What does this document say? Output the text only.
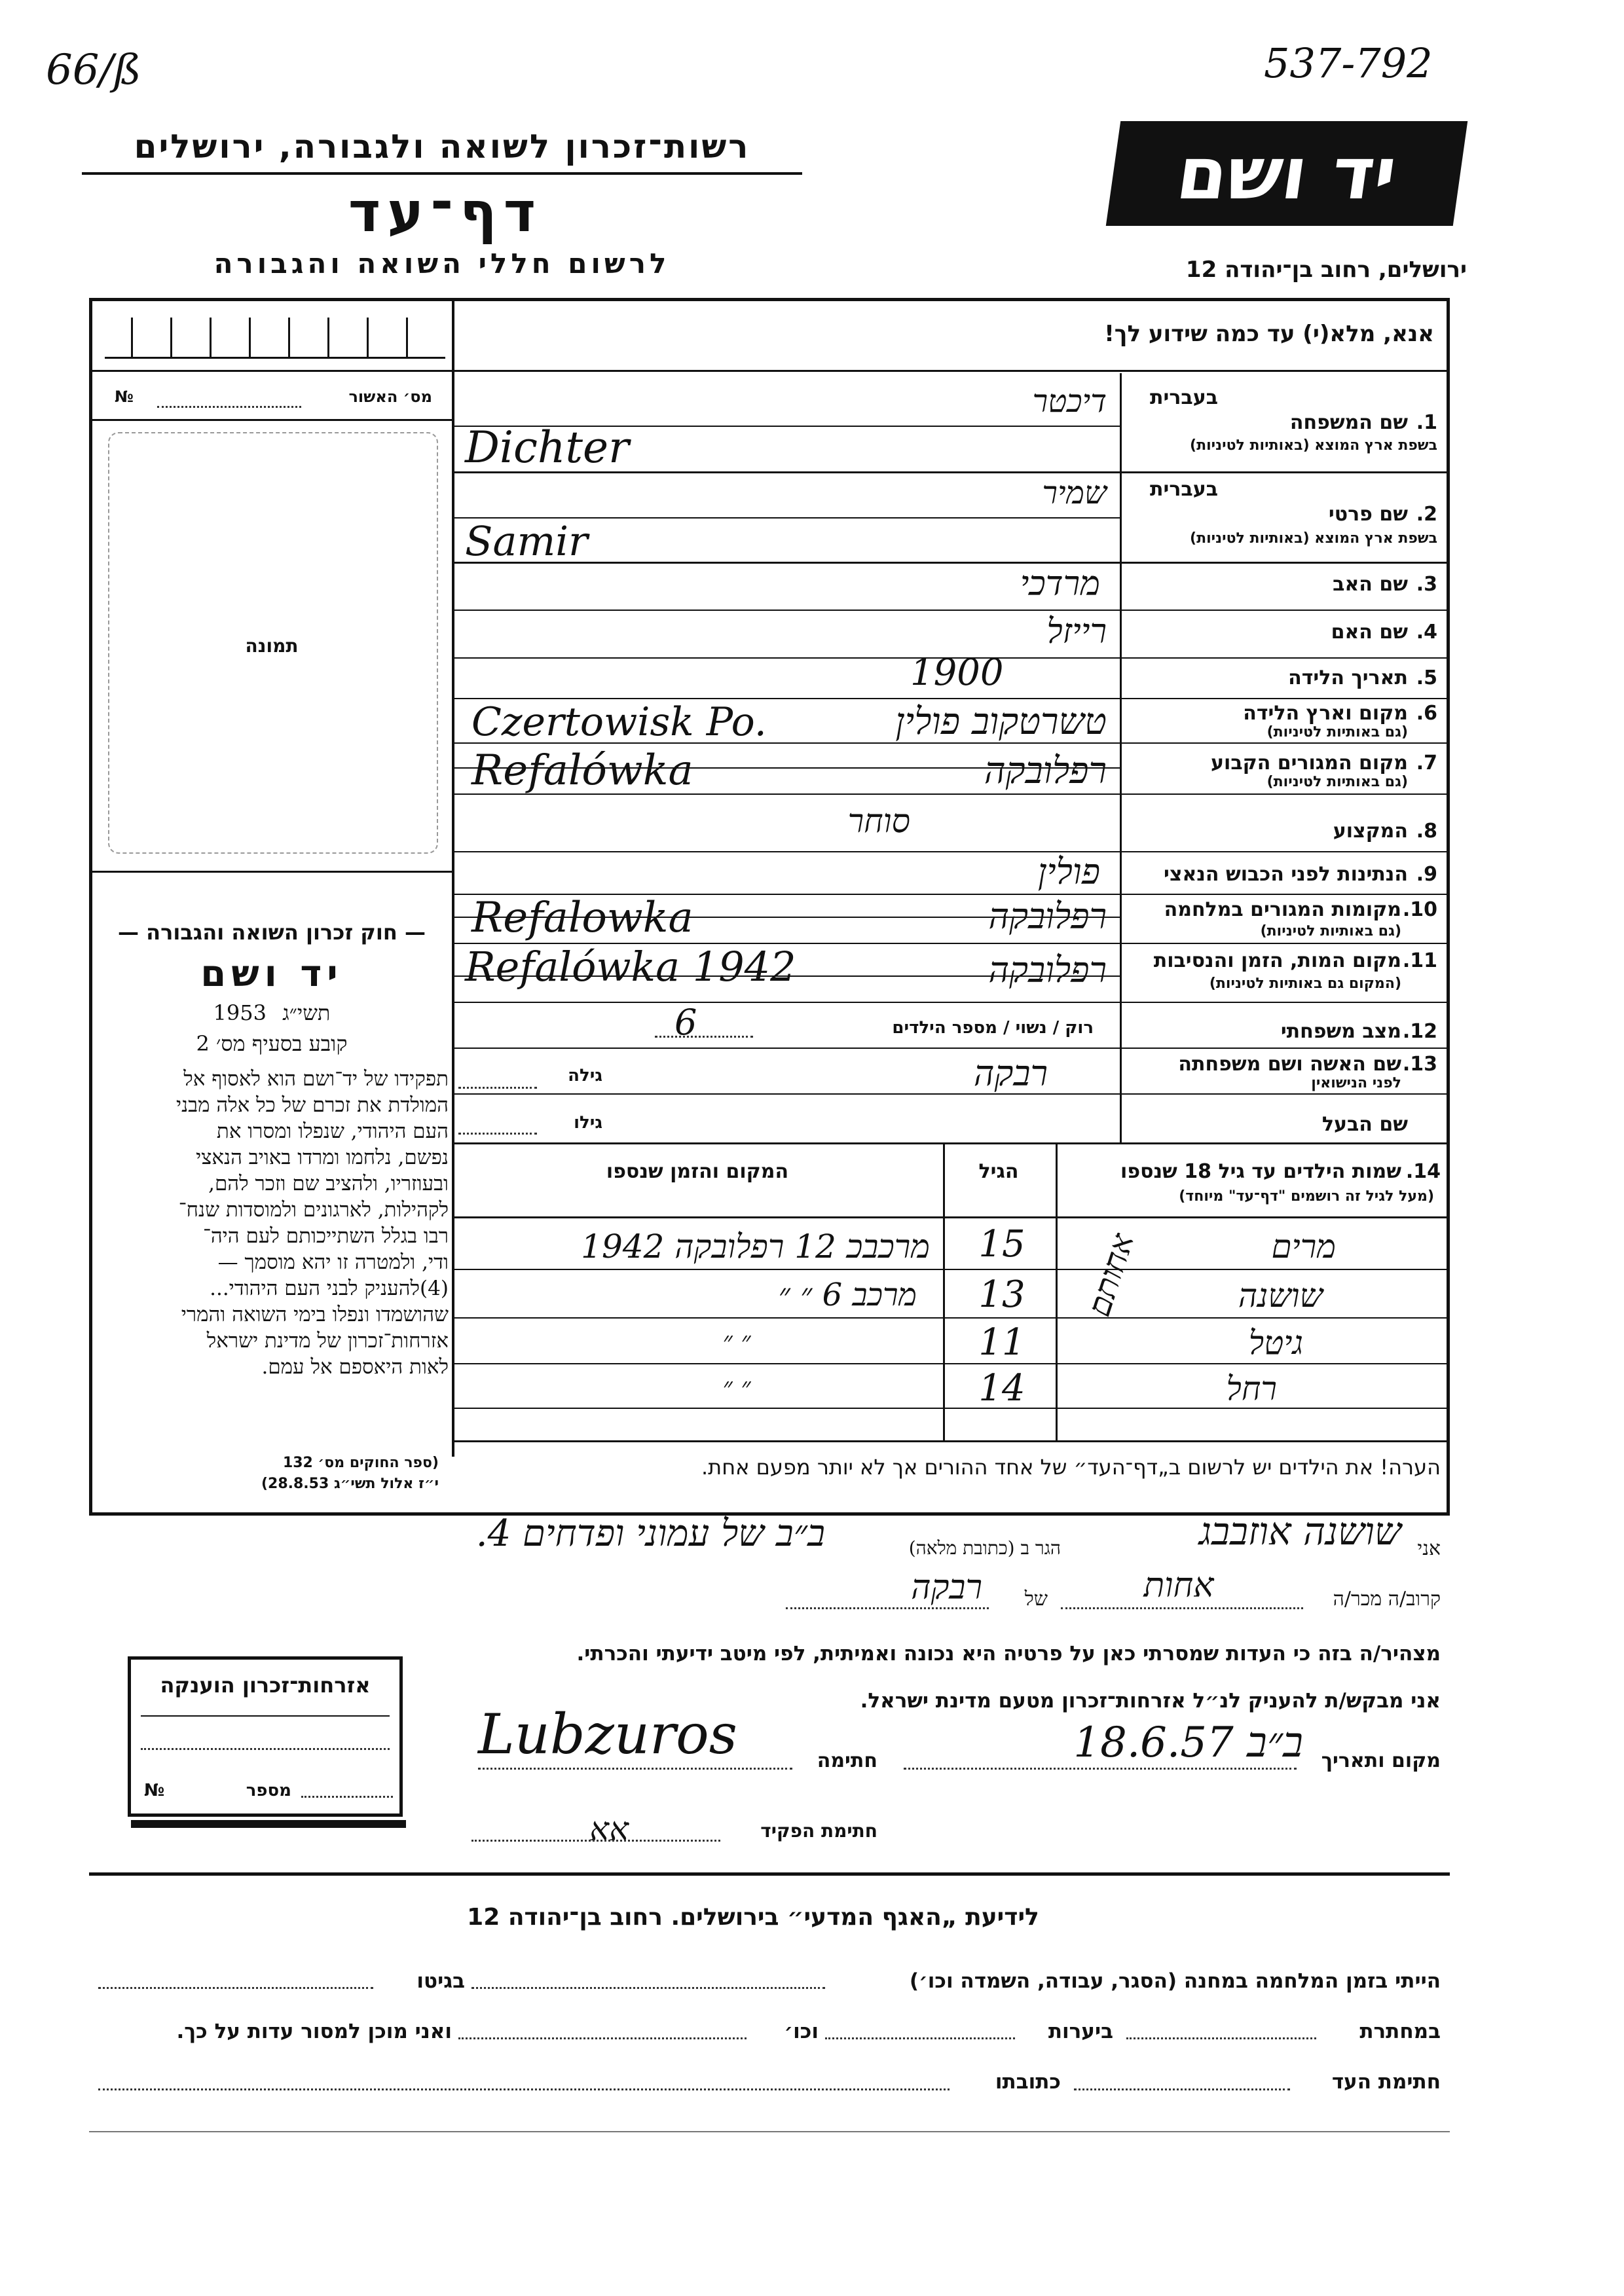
66/ß	537-792
רשות־זכרון לשואה ולגבורה, ירושלים
דף־עד
לרשום חללי השואה והגבורה
יד ושם
ירושלים, רחוב בן־יהודה 12
אנא, מלא(י) עד כמה שידוע לך!
מס׳ האשור
№
תמונה
בעברית
1.
שם המשפחה
בשפת ארץ המוצא (באותיות לטיניות)
דיכטר
Dichter
בעברית
2.
שם פרטי
בשפת ארץ המוצא (באותיות לטיניות)
שמיר
Samir
3.
שם האב
מרדכי
4.
שם האם
רייזל
5.
תאריך הלידה
1900
6.
מקום וארץ הלידה
(גם באותיות לטיניות)
טשרטקוב פולין
Czertowisk Po.
7.
מקום המגורים הקבוע
(גם באותיות לטיניות)
רפלובקה
Refalówka
8.
המקצוע
סוחר
9.
הנתינות לפני הכבוש הנאצי
פולין
10.
מקומות המגורים במלחמה
(גם באותיות לטיניות)
רפלובקה
Refalowka
11.
מקום המות, הזמן והנסיבות
(המקום גם באותיות לטיניות)
רפלובקה
Refalówka 1942
12.
מצב משפחתי
רוק / נשוי / מספר הילדים
6
13.
שם האשה ושם משפחתה
לפני הנישואין
רבקה
גילה
שם הבעל
גילו
14.
שמות הילדים עד גיל 18 שנספו
(מעל לגיל זה רושמים "דף־עד" מיוחד)
הגיל
המקום והזמן שנספו
מרים
15
מרכבכ 12 רפלובקה 1942
שושנה
13
מרכב 6 ״ ״
גיטל
11
״ ״
רחל
14
״ ״
אחותם
הערה! את הילדים יש לרשום ב„דף־העד״ של אחד ההורים אך לא יותר מפעם אחת.
— חוק זכרון השואה והגבורה —
יד ושם
1953 תשי״ג
קובע בסעיף מס׳ 2
תפקידו של יד־ושם הוא לאסוף אל
המולדת את זכרם של כל אלה מבני
העם היהודי, שנפלו ומסרו את
נפשם, נלחמו ומרדו באויב הנאצי
ובעוזריו, ולהציב שם וזכר להם,
לקהילות, לארגונים ולמוסדות שנח־
רבו בגלל השתייכותם לעם היה־
ודי, ולמטרה זו יהא מוסמך —
(4)להעניק לבני העם היהודי...
שהושמדו ונפלו בימי השואה והמרי
אזרחות־זכרון של מדינת ישראל
לאות היאספם אל עמם.
(ספר החוקים מס׳ 132
י״ז אלול תשי״ג 28.8.53)
אני
שושנה אוזבבג
הגר ב (כתובת מלאה)
ב״ב של עמוני ופדחים 4.
קרוב/ה מכר/ה
אחות
של
רבקה
מצהיר/ה בזה כי העדות שמסרתי כאן על פרטיה היא נכונה ואמיתית, לפי מיטב ידיעתי והכרתי.
אני מבקש/ת להעניק לנ״ל אזרחות־זכרון מטעם מדינת ישראל.
מקום ותאריך
ב״ב 18.6.57
חתימה
Lubzuros
חתימת הפקיד
ﬡﬡ
אזרחות־זכרון הוענקה
מספר
№
לידיעת „האגף המדעי״ בירושלים. רחוב בן־יהודה 12
הייתי בזמן המלחמה במחנה (הסגר, עבודה, השמדה וכו׳)
בגיטו
במחתרת
ביערות
וכו׳
ואני מוכן למסור עדות על כך.
חתימת העד
כתובתו
